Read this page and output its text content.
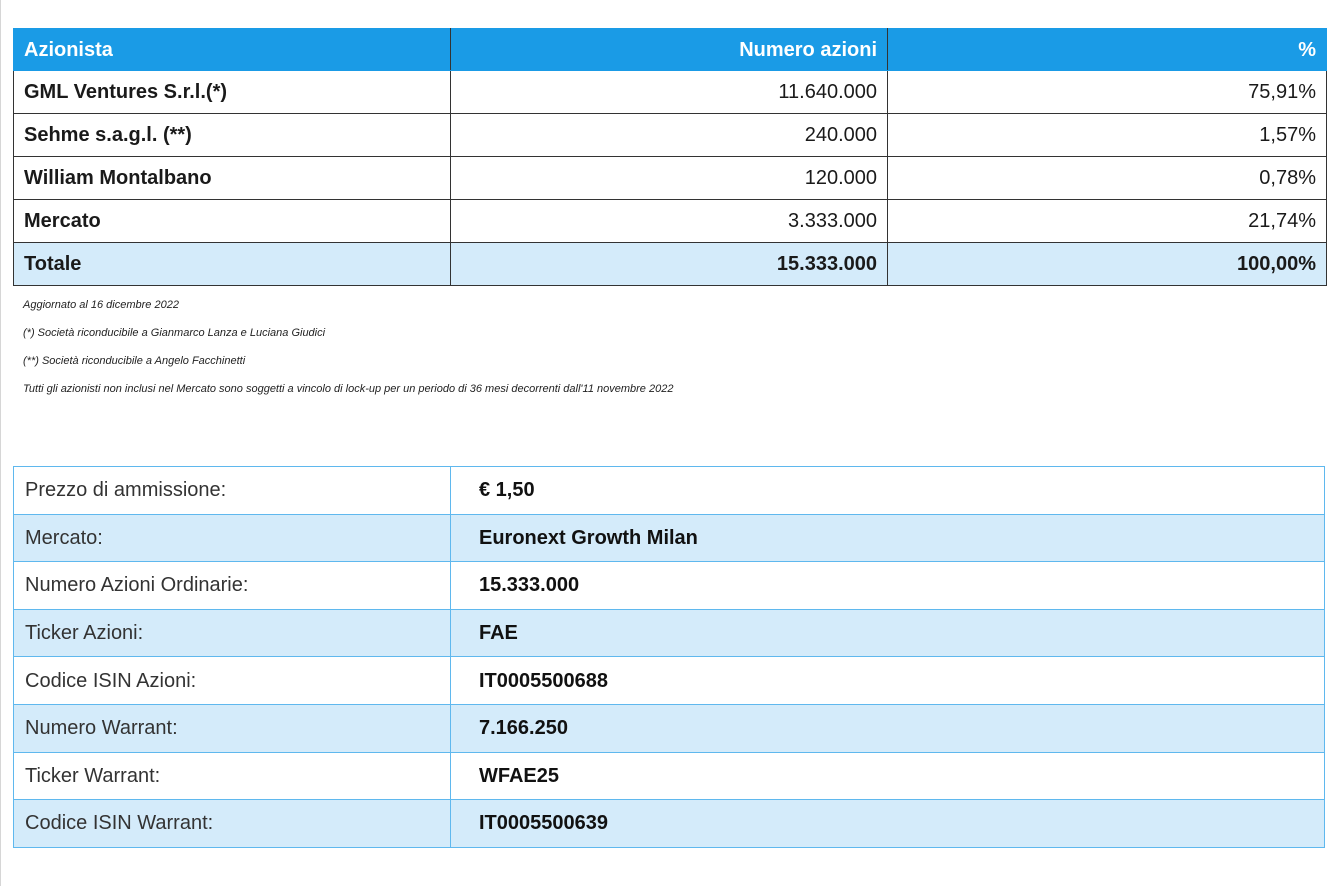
Azionista	Numero azioni	%
GML Ventures S.r.l.(*)	11.640.000	75,91%
Sehme s.a.g.l. (**)	240.000	1,57%
William Montalbano	120.000	0,78%
Mercato	3.333.000	21,74%
Totale	15.333.000	100,00%
Aggiornato al 16 dicembre 2022
(*) Società riconducibile a Gianmarco Lanza e Luciana Giudici
(**) Società riconducibile a Angelo Facchinetti
Tutti gli azionisti non inclusi nel Mercato sono soggetti a vincolo di lock-up per un periodo di 36 mesi decorrenti dall'11 novembre 2022
Prezzo di ammissione:	€ 1,50
Mercato:	Euronext Growth Milan
Numero Azioni Ordinarie:	15.333.000
Ticker Azioni:	FAE
Codice ISIN Azioni:	IT0005500688
Numero Warrant:	7.166.250
Ticker Warrant:	WFAE25
Codice ISIN Warrant:	IT0005500639
